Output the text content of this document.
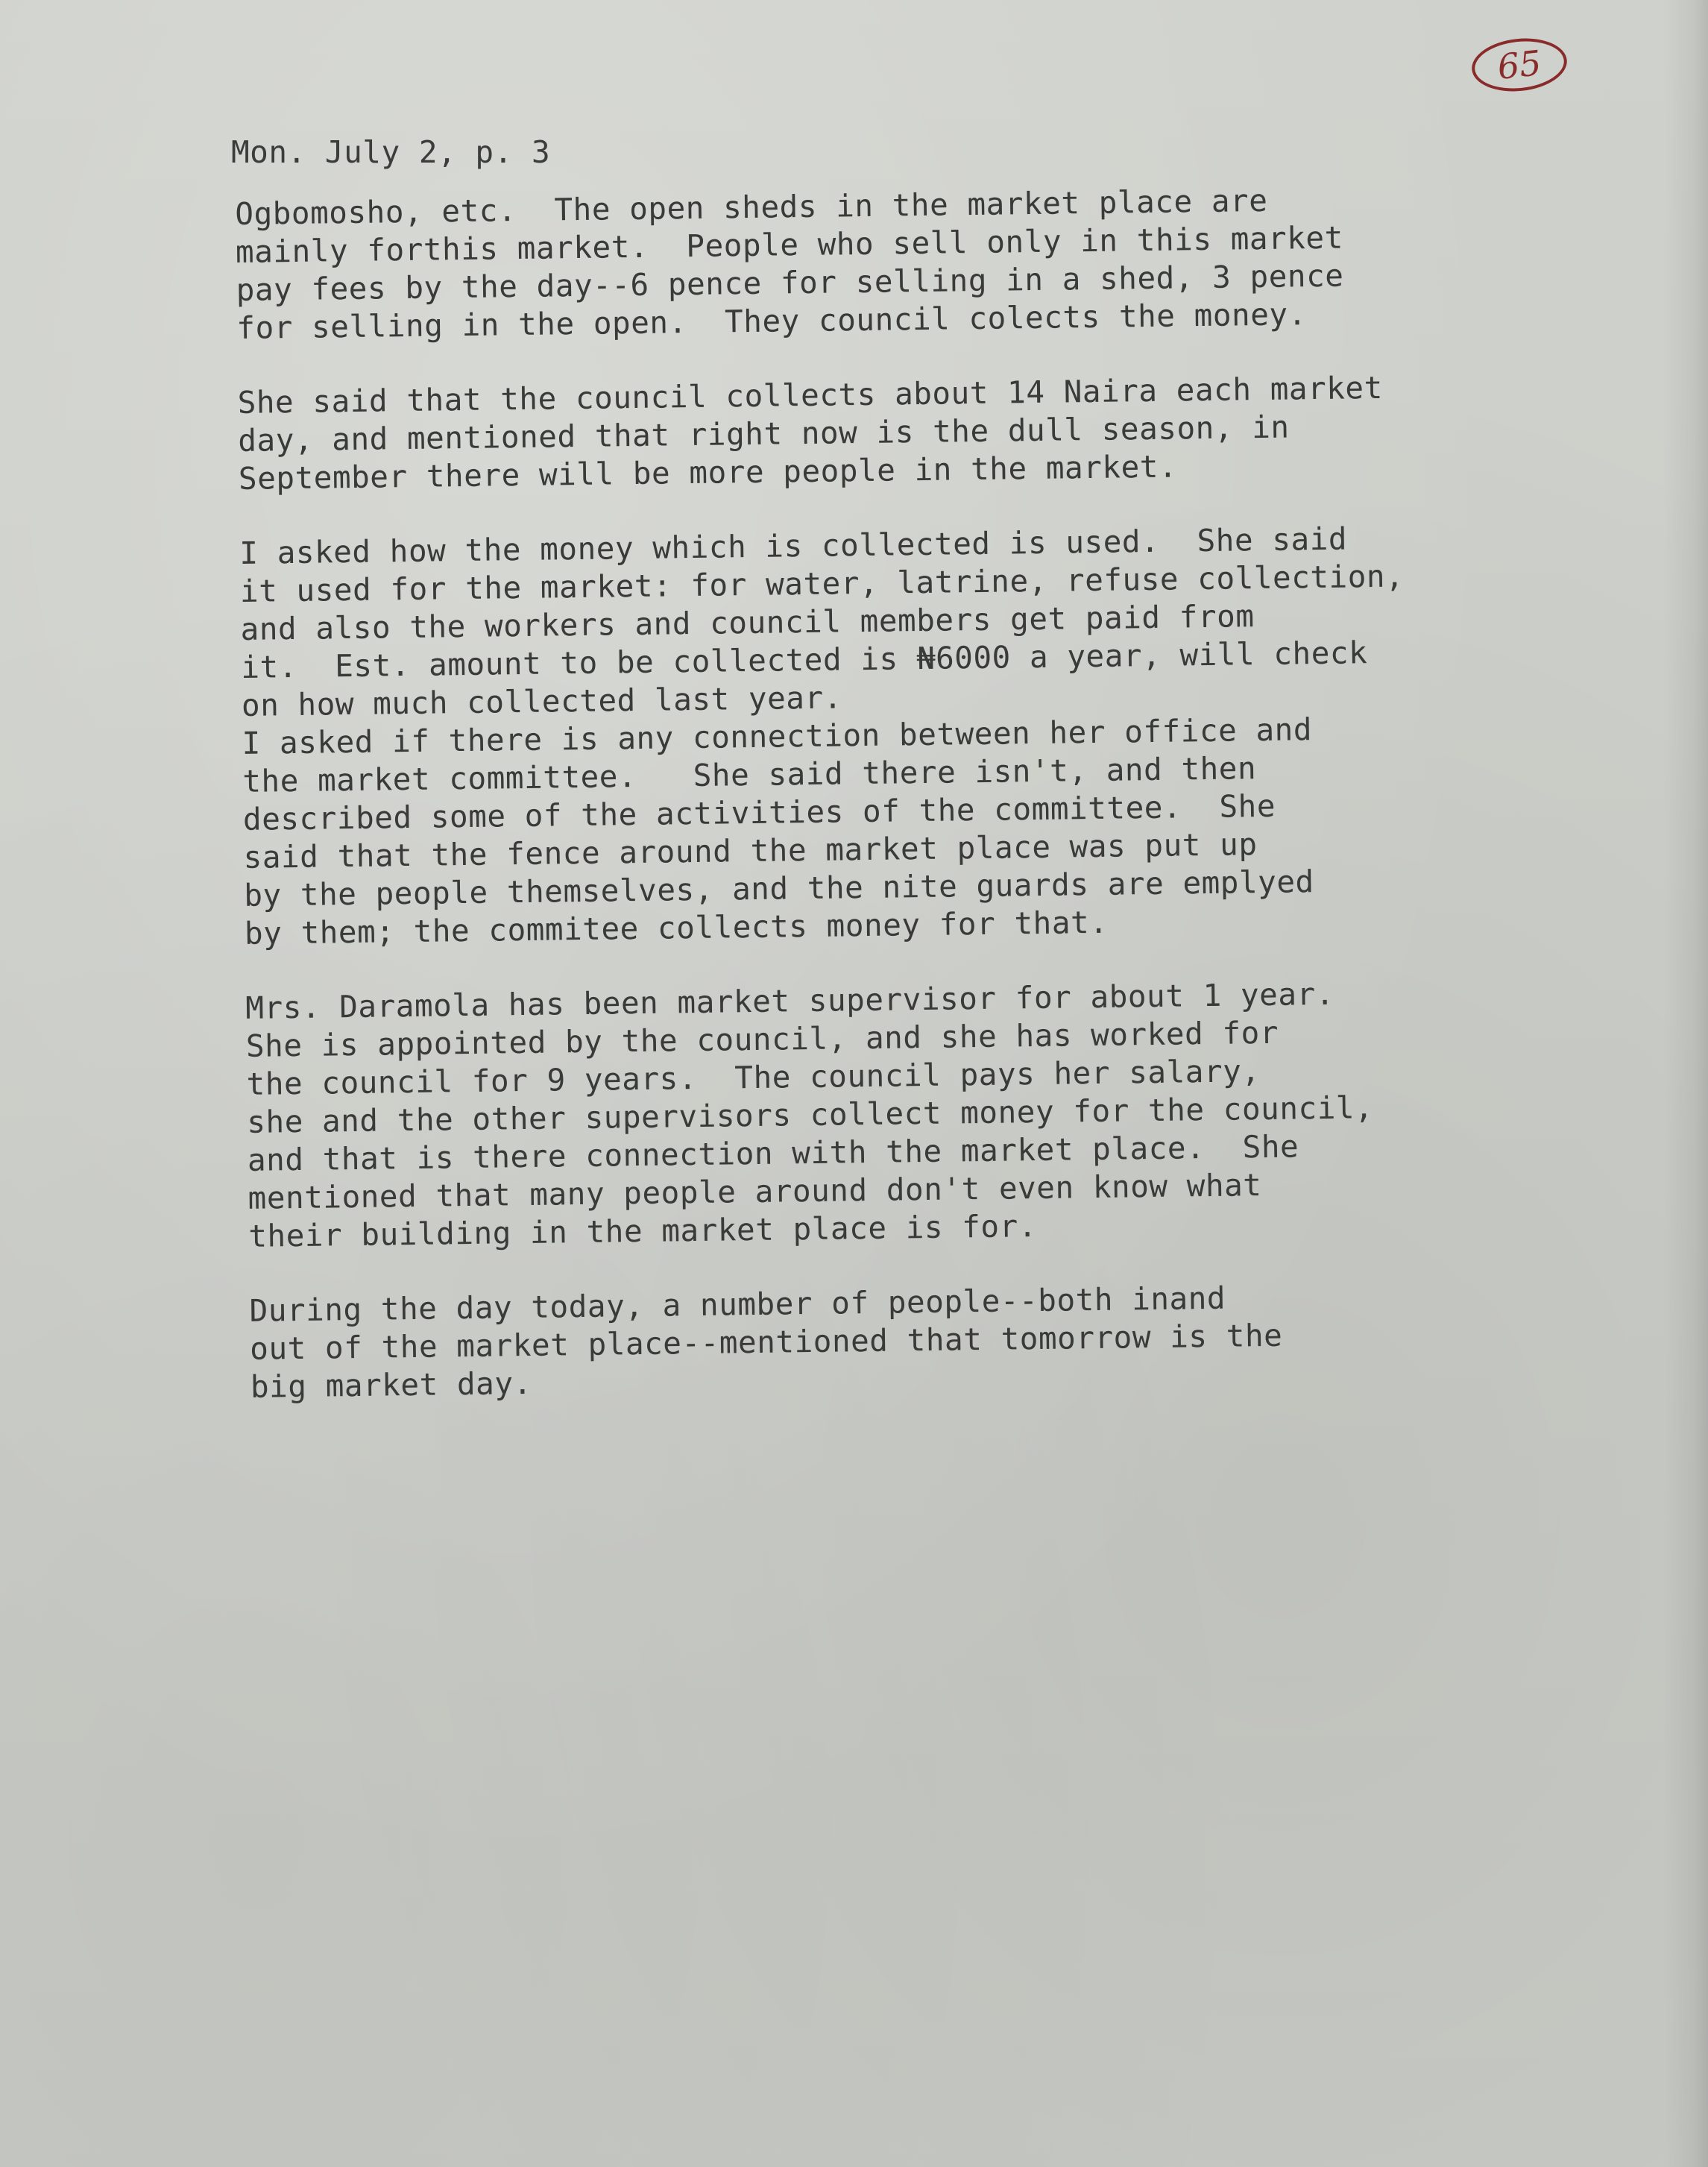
65
Mon. July 2, p. 3
Ogbomosho, etc.  The open sheds in the market place are
mainly forthis market.  People who sell only in this market
pay fees by the day--6 pence for selling in a shed, 3 pence
for selling in the open.  They council colects the money.
She said that the council collects about 14 Naira each market
day, and mentioned that right now is the dull season, in
September there will be more people in the market.
I asked how the money which is collected is used.  She said
it used for the market: for water, latrine, refuse collection,
and also the workers and council members get paid from
it.  Est. amount to be collected is ₦6000 a year, will check
on how much collected last year.
I asked if there is any connection between her office and
the market committee.   She said there isn't, and then
described some of the activities of the committee.  She
said that the fence around the market place was put up
by the people themselves, and the nite guards are emplyed
by them; the commitee collects money for that.
Mrs. Daramola has been market supervisor for about 1 year.
She is appointed by the council, and she has worked for
the council for 9 years.  The council pays her salary,
she and the other supervisors collect money for the council,
and that is there connection with the market place.  She
mentioned that many people around don't even know what
their building in the market place is for.
During the day today, a number of people--both inand
out of the market place--mentioned that tomorrow is the
big market day.
